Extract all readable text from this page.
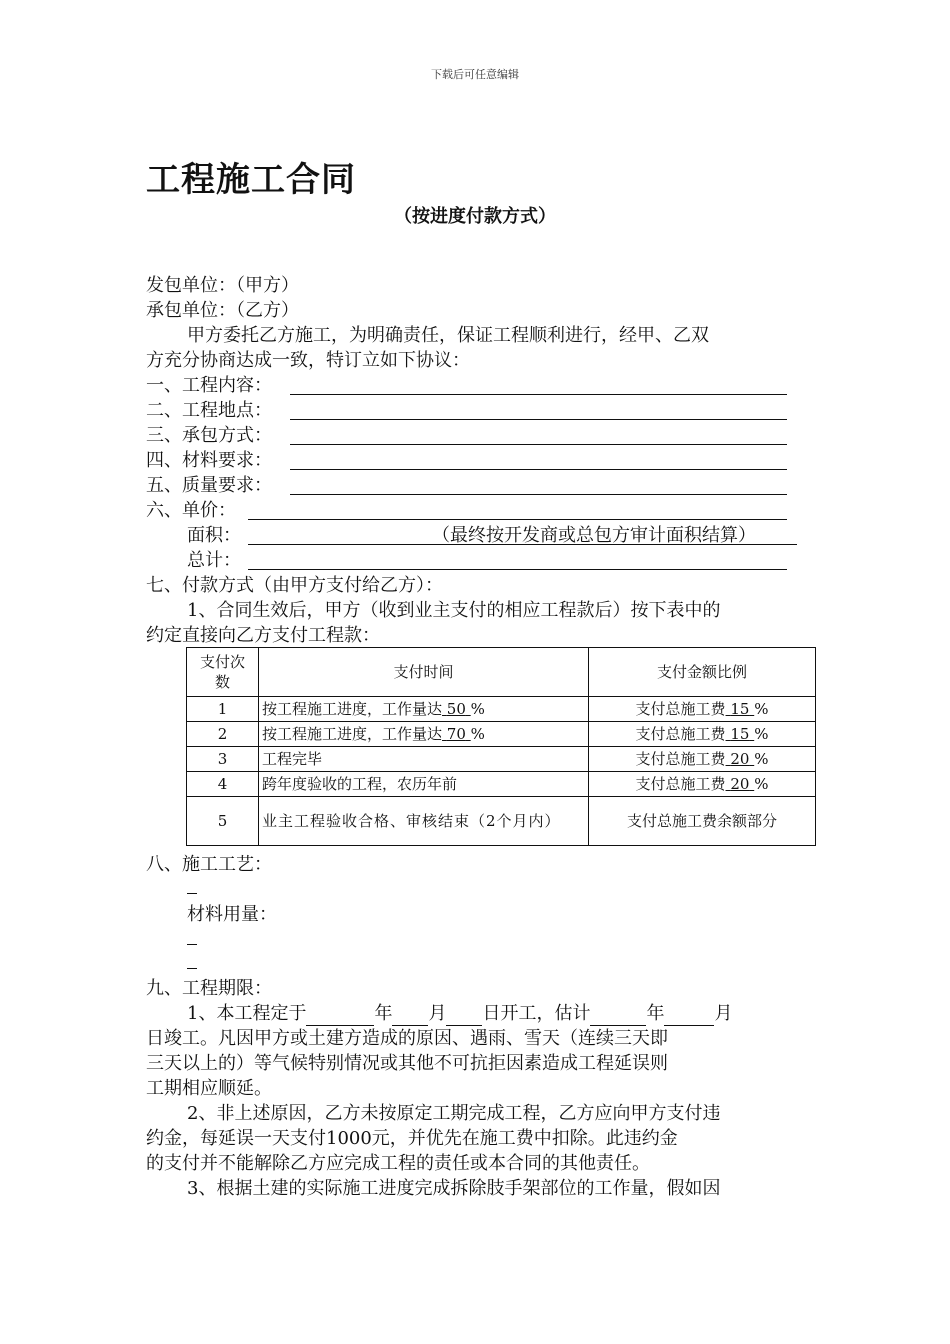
下载后可任意编辑
工程施工合同
（按进度付款方式）
发包单位：（甲方）
承包单位：（乙方）
甲方委托乙方施工，为明确责任，保证工程顺利进行，经甲、乙双
方充分协商达成一致，特订立如下协议：
一、工程内容：
二、工程地点：
三、承包方式：
四、材料要求：
五、质量要求：
六、单价：
面积：	（最终按开发商或总包方审计面积结算）
总计：
七、付款方式（由甲方支付给乙方）：
1、合同生效后，甲方（收到业主支付的相应工程款后）按下表中的
约定直接向乙方支付工程款：
支付次数	支付时间	支付金额比例
1	按工程施工进度，工作量达 50 %	支付总施工费 15 %
2	按工程施工进度，工作量达 70 %	支付总施工费 15 %
3	工程完毕	支付总施工费 20 %
4	跨年度验收的工程，农历年前	支付总施工费 20 %
5	业主工程验收合格、审核结束（2个月内）	支付总施工费余额部分
八、施工工艺：
材料用量：
九、工程期限：
1、本工程定于	年 月 日开工，估计	年	月
日竣工。凡因甲方或土建方造成的原因、遇雨、雪天（连续三天即
三天以上的）等气候特别情况或其他不可抗拒因素造成工程延误则
工期相应顺延。
2、非上述原因，乙方未按原定工期完成工程，乙方应向甲方支付违
约金，每延误一天支付1000元，并优先在施工费中扣除。此违约金
的支付并不能解除乙方应完成工程的责任或本合同的其他责任。
3、根据土建的实际施工进度完成拆除肢手架部位的工作量，假如因
